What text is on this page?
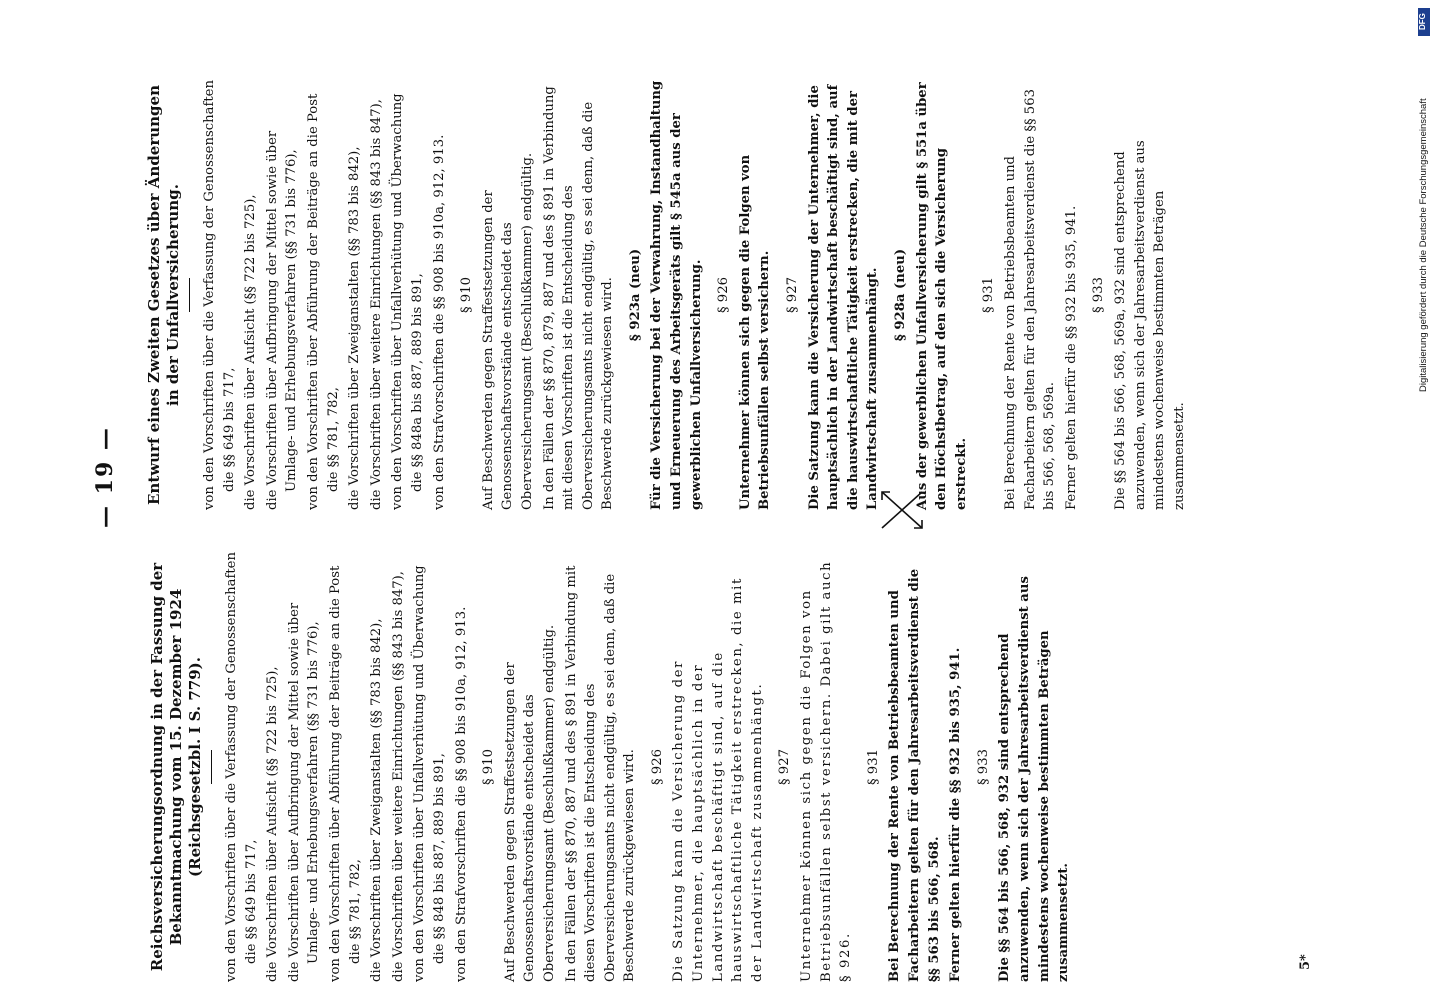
— 19 —
Reichsversicherungsordnung in der Fassung der Bekanntmachung vom 15. Dezember 1924 (Reichsgesetzbl. I S. 779). von den Vorschriften über die Verfassung der Genossenschaften die §§ 649 bis 717, die Vorschriften über Aufsicht (§§ 722 bis 725), die Vorschriften über Aufbringung der Mittel sowie über Umlage- und Erhebungsverfahren (§§ 731 bis 776), von den Vorschriften über Abführung der Beiträge an die Post die §§ 781, 782, die Vorschriften über Zweiganstalten (§§ 783 bis 842), die Vorschriften über weitere Einrichtungen (§§ 843 bis 847), von den Vorschriften über Unfallverhütung und Überwachung die §§ 848 bis 887, 889 bis 891, von den Strafvorschriften die §§ 908 bis 910a, 912, 913. § 910 Auf Beschwerden gegen Straffestsetzungen der Genossenschaftsvorstände entscheidet das Oberversicherungsamt (Beschlußkammer) endgültig. In den Fällen der §§ 870, 887 und des § 891 in Verbindung mit diesen Vorschriften ist die Entscheidung des Oberversicherungsamts nicht endgültig, es sei denn, daß die Beschwerde zurückgewiesen wird. § 926 Die Satzung kann die Versicherung der Unternehmer, die hauptsächlich in der Landwirtschaft beschäftigt sind, auf die hauswirtschaftliche Tätigkeit erstrecken, die mit der Landwirtschaft zusammenhängt. § 927 Unternehmer können sich gegen die Folgen von Betriebsunfällen selbst versichern. Dabei gilt auch § 926.

§ 931 Bei Berechnung der Rente von Betriebsbeamten und Facharbeitern gelten für den Jahresarbeitsverdienst die §§ 563 bis 566, 568. Ferner gelten hierfür die §§ 932 bis 935, 941. § 933 Die §§ 564 bis 566, 568, 932 sind entsprechend anzuwenden, wenn sich der Jahresarbeitsverdienst aus mindestens wochenweise bestimmten Beträgen zusammensetzt.

Entwurf eines Zweiten Gesetzes über Änderungen in der Unfallversicherung. von den Vorschriften über die Verfassung der Genossenschaften die §§ 649 bis 717, die Vorschriften über Aufsicht (§§ 722 bis 725), die Vorschriften über Aufbringung der Mittel sowie über Umlage- und Erhebungsverfahren (§§ 731 bis 776), von den Vorschriften über Abführung der Beiträge an die Post die §§ 781, 782, die Vorschriften über Zweiganstalten (§§ 783 bis 842), die Vorschriften über weitere Einrichtungen (§§ 843 bis 847), von den Vorschriften über Unfallverhütung und Überwachung die §§ 848a bis 887, 889 bis 891, von den Strafvorschriften die §§ 908 bis 910a, 912, 913. § 910 Auf Beschwerden gegen Straffestsetzungen der Genossenschaftsvorstände entscheidet das Oberversicherungsamt (Beschlußkammer) endgültig. In den Fällen der §§ 870, 879, 887 und des § 891 in Verbindung mit diesen Vorschriften ist die Entscheidung des Oberversicherungsamts nicht endgültig, es sei denn, daß die Beschwerde zurückgewiesen wird. § 923a (neu) Für die Versicherung bei der Verwahrung, Instandhaltung und Erneuerung des Arbeitsgeräts gilt § 545a aus der gewerblichen Unfallversicherung. § 926 Unternehmer können sich gegen die Folgen von Betriebsunfällen selbst versichern. § 927 Die Satzung kann die Versicherung der Unternehmer, die hauptsächlich in der Landwirtschaft beschäftigt sind, auf die hauswirtschaftliche Tätigkeit erstrecken, die mit der Landwirtschaft zusammenhängt. § 928a (neu) Aus der gewerblichen Unfallversicherung gilt § 551a über den Höchstbetrag, auf den sich die Versicherung erstreckt.

§ 931 Bei Berechnung der Rente von Betriebsbeamten und Facharbeitern gelten für den Jahresarbeitsverdienst die §§ 563 bis 566, 568, 569a. Ferner gelten hierfür die §§ 932 bis 935, 941. § 933 Die §§ 564 bis 566, 568, 569a, 932 sind entsprechend anzuwenden, wenn sich der Jahresarbeitsverdienst aus mindestens wochenweise bestimmten Beträgen zusammensetzt.

5*
Digitalisierung gefördert durch die Deutsche Forschungsgemeinschaft
DFG
